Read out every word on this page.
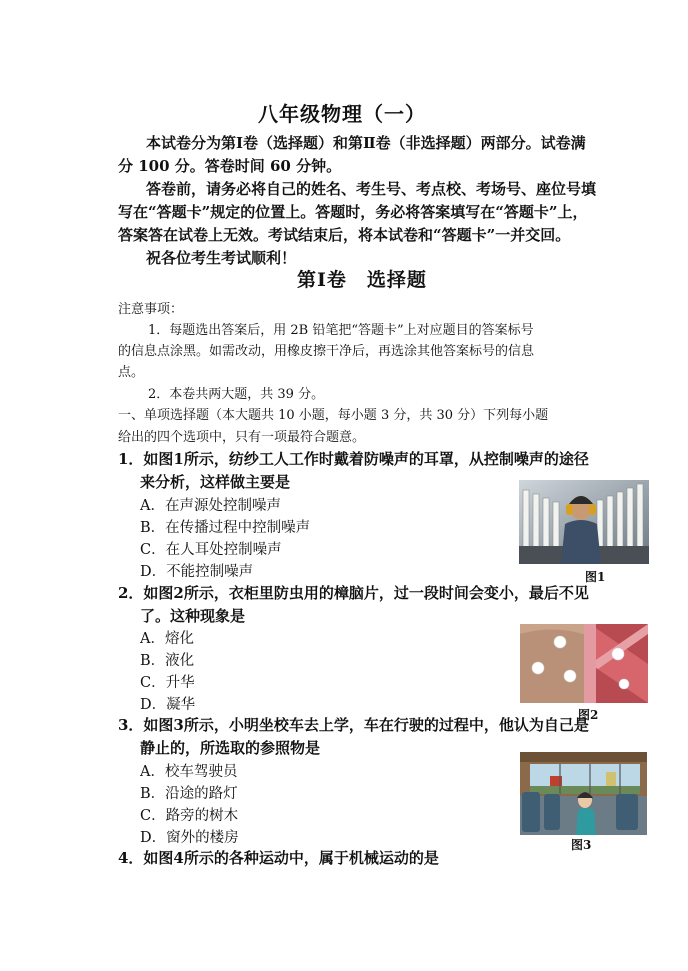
八年级物理（一）
本试卷分为第Ⅰ卷（选择题）和第Ⅱ卷（非选择题）两部分。试卷满
分 100 分。答卷时间 60 分钟。
答卷前，请务必将自己的姓名、考生号、考点校、考场号、座位号填
写在“答题卡”规定的位置上。答题时，务必将答案填写在“答题卡”上，
答案答在试卷上无效。考试结束后，将本试卷和“答题卡”一并交回。
祝各位考生考试顺利！
第Ⅰ卷　选择题
注意事项：
1．每题选出答案后，用 2B 铅笔把“答题卡”上对应题目的答案标号
的信息点涂黑。如需改动，用橡皮擦干净后，再选涂其他答案标号的信息
点。
2．本卷共两大题，共 39 分。
一、单项选择题（本大题共 10 小题，每小题 3 分，共 30 分）下列每小题
给出的四个选项中，只有一项最符合题意。
1．如图1所示，纺纱工人工作时戴着防噪声的耳罩，从控制噪声的途径
来分析，这样做主要是
A．在声源处控制噪声
B．在传播过程中控制噪声
C．在人耳处控制噪声
D．不能控制噪声
2．如图2所示，衣柜里防虫用的樟脑片，过一段时间会变小，最后不见
了。这种现象是
A．熔化
B．液化
C．升华
D．凝华
3．如图3所示，小明坐校车去上学，车在行驶的过程中，他认为自己是
静止的，所选取的参照物是
A．校车驾驶员
B．沿途的路灯
C．路旁的树木
D．窗外的楼房
4．如图4所示的各种运动中，属于机械运动的是
图1
图2
图3
